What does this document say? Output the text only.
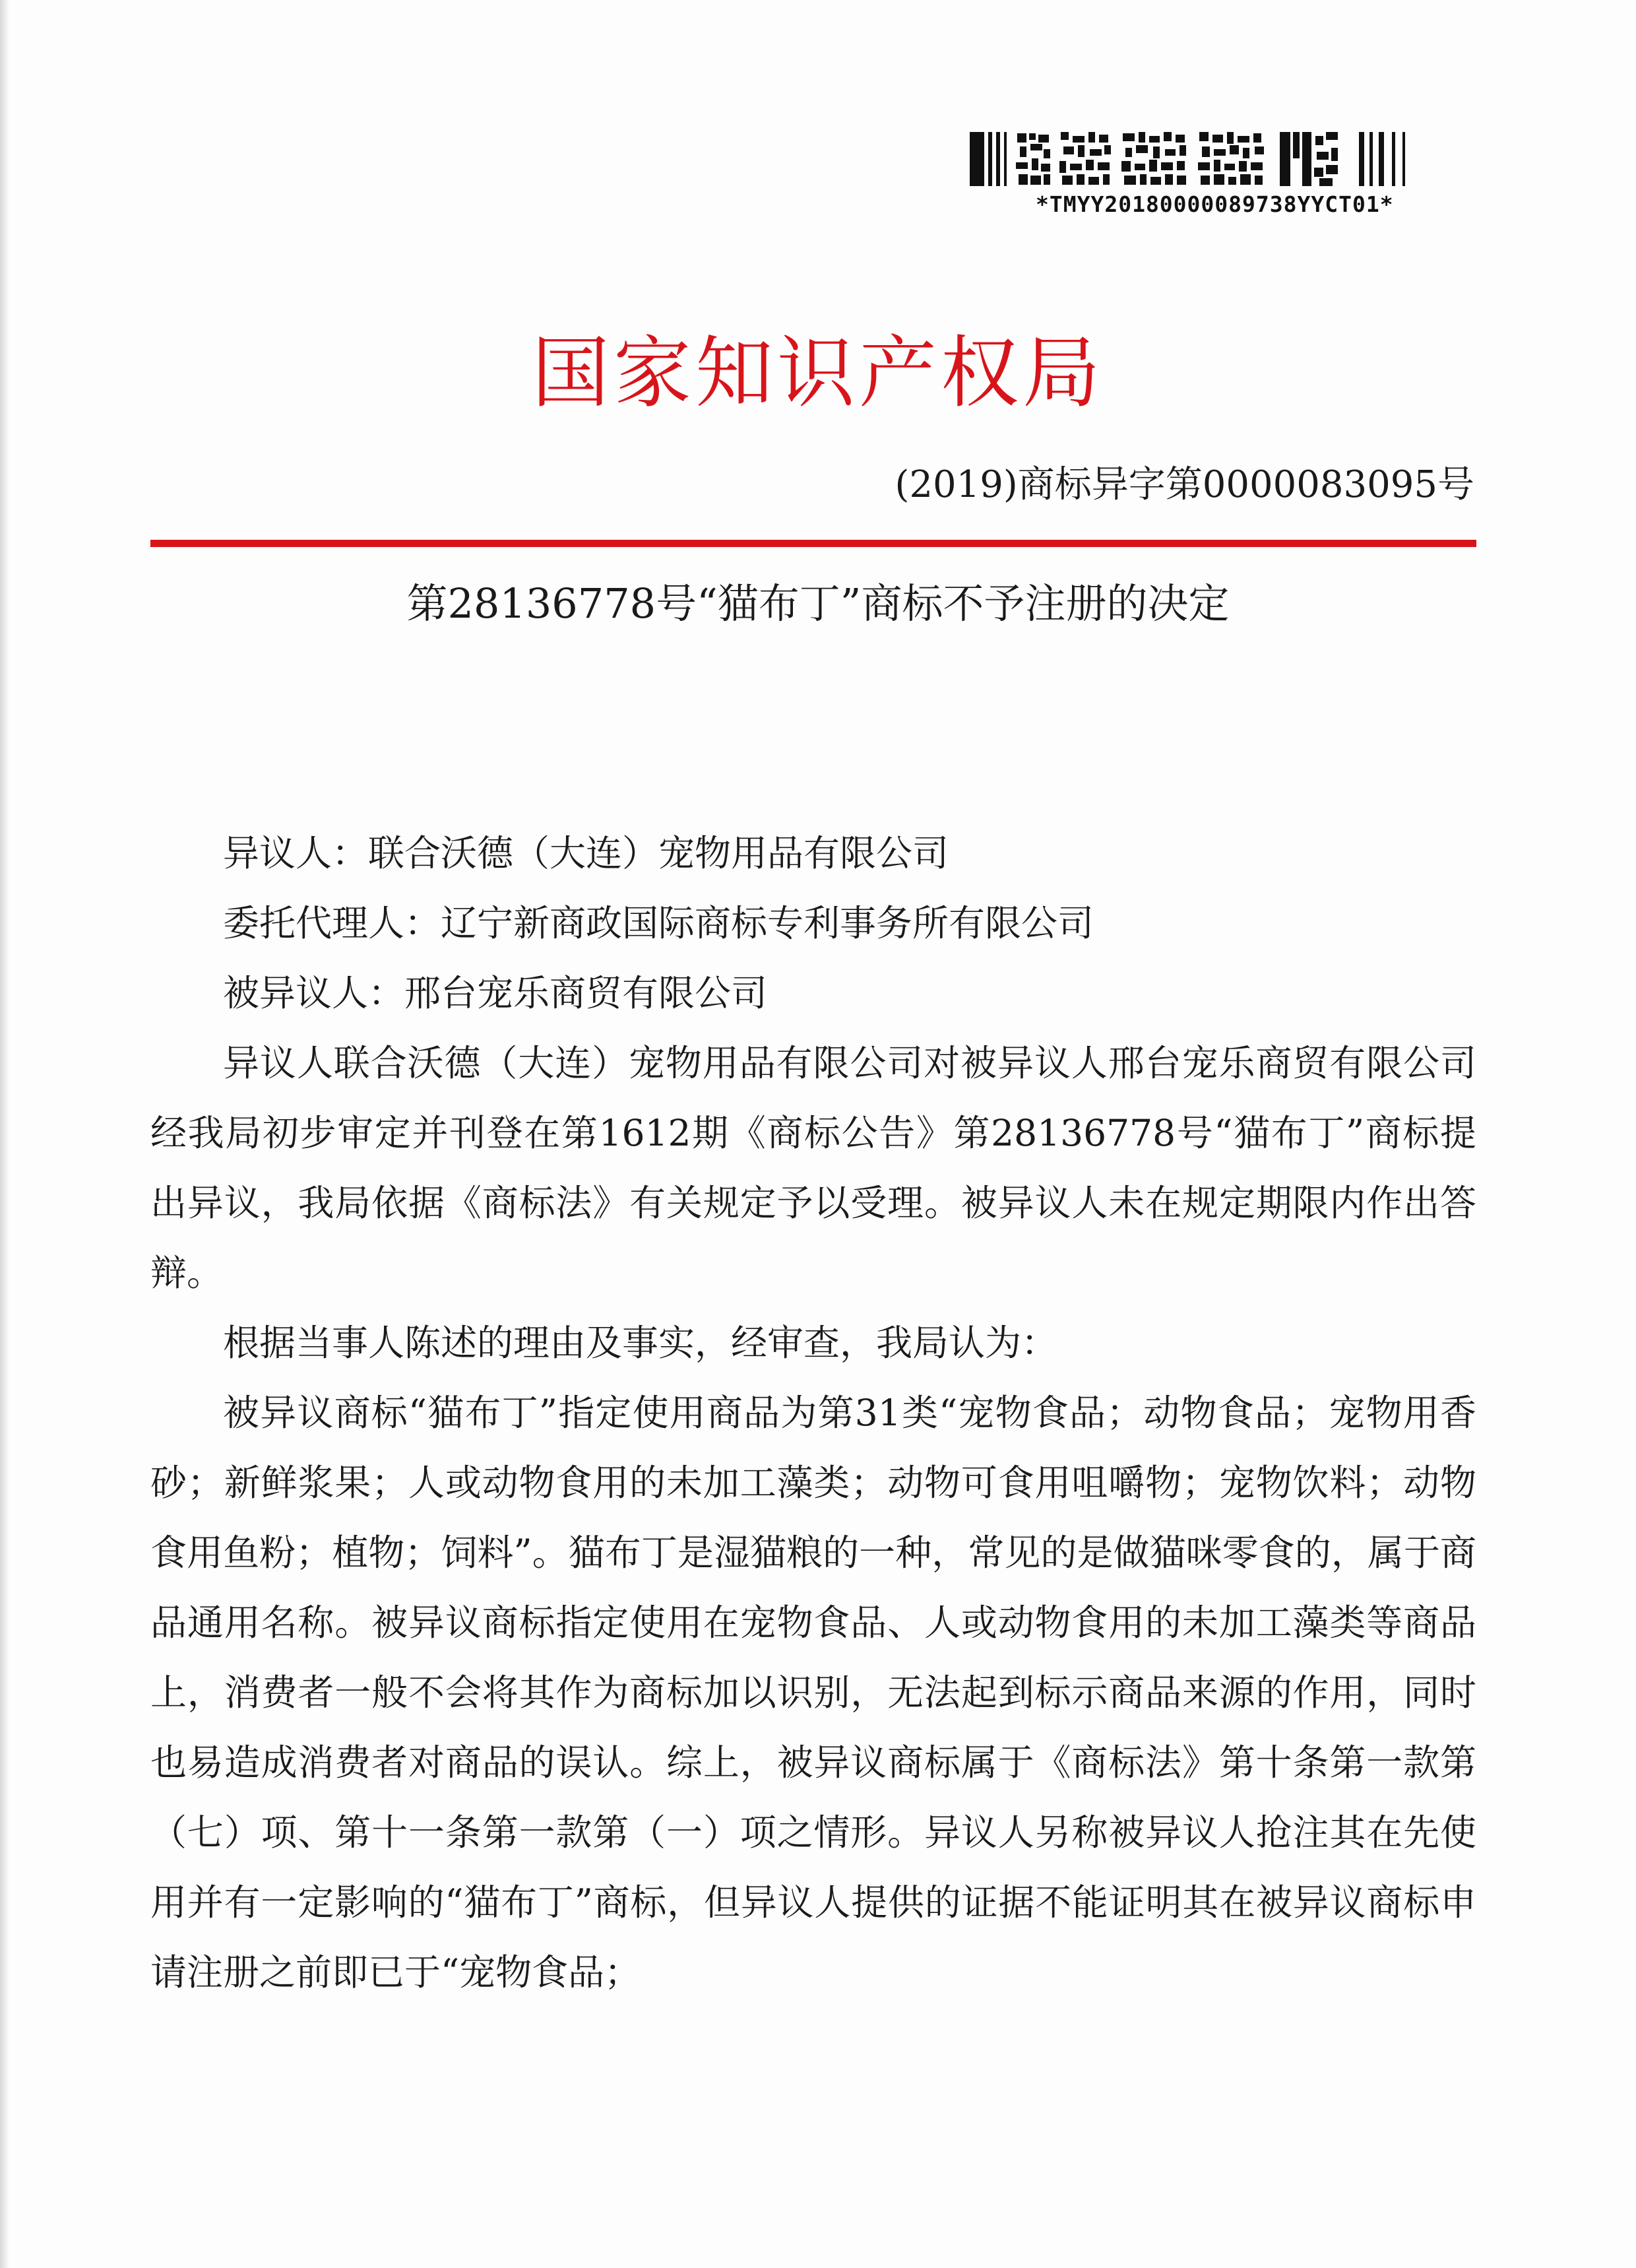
*TMYY20180000089738YYCT01*
国家知识产权局
(2019)商标异字第0000083095号
第28136778号“猫布丁”商标不予注册的决定

异议人：联合沃德（大连）宠物用品有限公司

委托代理人：辽宁新商政国际商标专利事务所有限公司

被异议人：邢台宠乐商贸有限公司

异议人联合沃德（大连）宠物用品有限公司对被异议人邢台宠乐商贸有限公司经我局初步审定并刊登在第1612期《商标公告》第28136778号“猫布丁”商标提出异议，我局依据《商标法》有关规定予以受理。被异议人未在规定期限内作出答辩。

根据当事人陈述的理由及事实，经审查，我局认为：

被异议商标“猫布丁”指定使用商品为第31类“宠物食品；动物食品；宠物用香砂；新鲜浆果；人或动物食用的未加工藻类；动物可食用咀嚼物；宠物饮料；动物食用鱼粉；植物；饲料”。猫布丁是湿猫粮的一种，常见的是做猫咪零食的，属于商品通用名称。被异议商标指定使用在宠物食品、人或动物食用的未加工藻类等商品上，消费者一般不会将其作为商标加以识别，无法起到标示商品来源的作用，同时也易造成消费者对商品的误认。综上，被异议商标属于《商标法》第十条第一款第（七）项、第十一条第一款第（一）项之情形。异议人另称被异议人抢注其在先使用并有一定影响的“猫布丁”商标，但异议人提供的证据不能证明其在被异议商标申请注册之前即已于“宠物食品；
